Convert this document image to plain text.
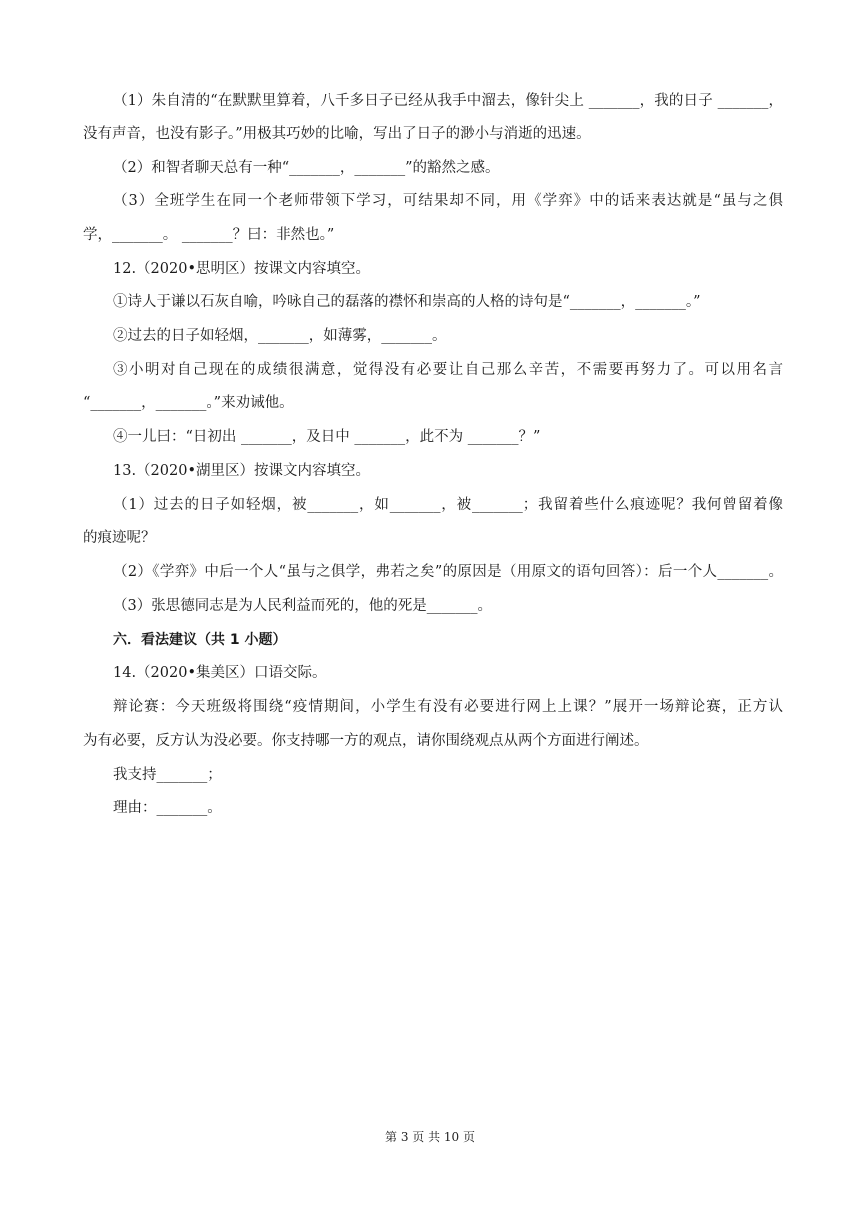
（1）朱自清的“在默默里算着，八千多日子已经从我手中溜去，像针尖上 _______，我的日子 _______，
没有声音，也没有影子。”用极其巧妙的比喻，写出了日子的渺小与消逝的迅速。
（2）和智者聊天总有一种“_______，_______”的豁然之感。
（3）全班学生在同一个老师带领下学习，可结果却不同，用《学弈》中的话来表达就是“虽与之俱
学，_______。 _______？曰：非然也。”
12.（2020•思明区）按课文内容填空。
①诗人于谦以石灰自喻，吟咏自己的磊落的襟怀和崇高的人格的诗句是“_______，_______。”
②过去的日子如轻烟，_______，如薄雾，_______。
③小明对自己现在的成绩很满意，觉得没有必要让自己那么辛苦，不需要再努力了。可以用名言
“_______，_______。”来劝诫他。
④一儿曰：“日初出 _______，及日中 _______，此不为 _______？”
13.（2020•湖里区）按课文内容填空。
（1）过去的日子如轻烟，被_______，如_______，被_______；我留着些什么痕迹呢？我何曾留着像
的痕迹呢？
（2）《学弈》中后一个人“虽与之俱学，弗若之矣”的原因是（用原文的语句回答）：后一个人_______。
（3）张思德同志是为人民利益而死的，他的死是_______。
六．看法建议（共 1 小题）
14.（2020•集美区）口语交际。
辩论赛：今天班级将围绕“疫情期间，小学生有没有必要进行网上上课？”展开一场辩论赛，正方认
为有必要，反方认为没必要。你支持哪一方的观点，请你围绕观点从两个方面进行阐述。
我支持_______；
理由：_______。
第 3 页 共 10 页
